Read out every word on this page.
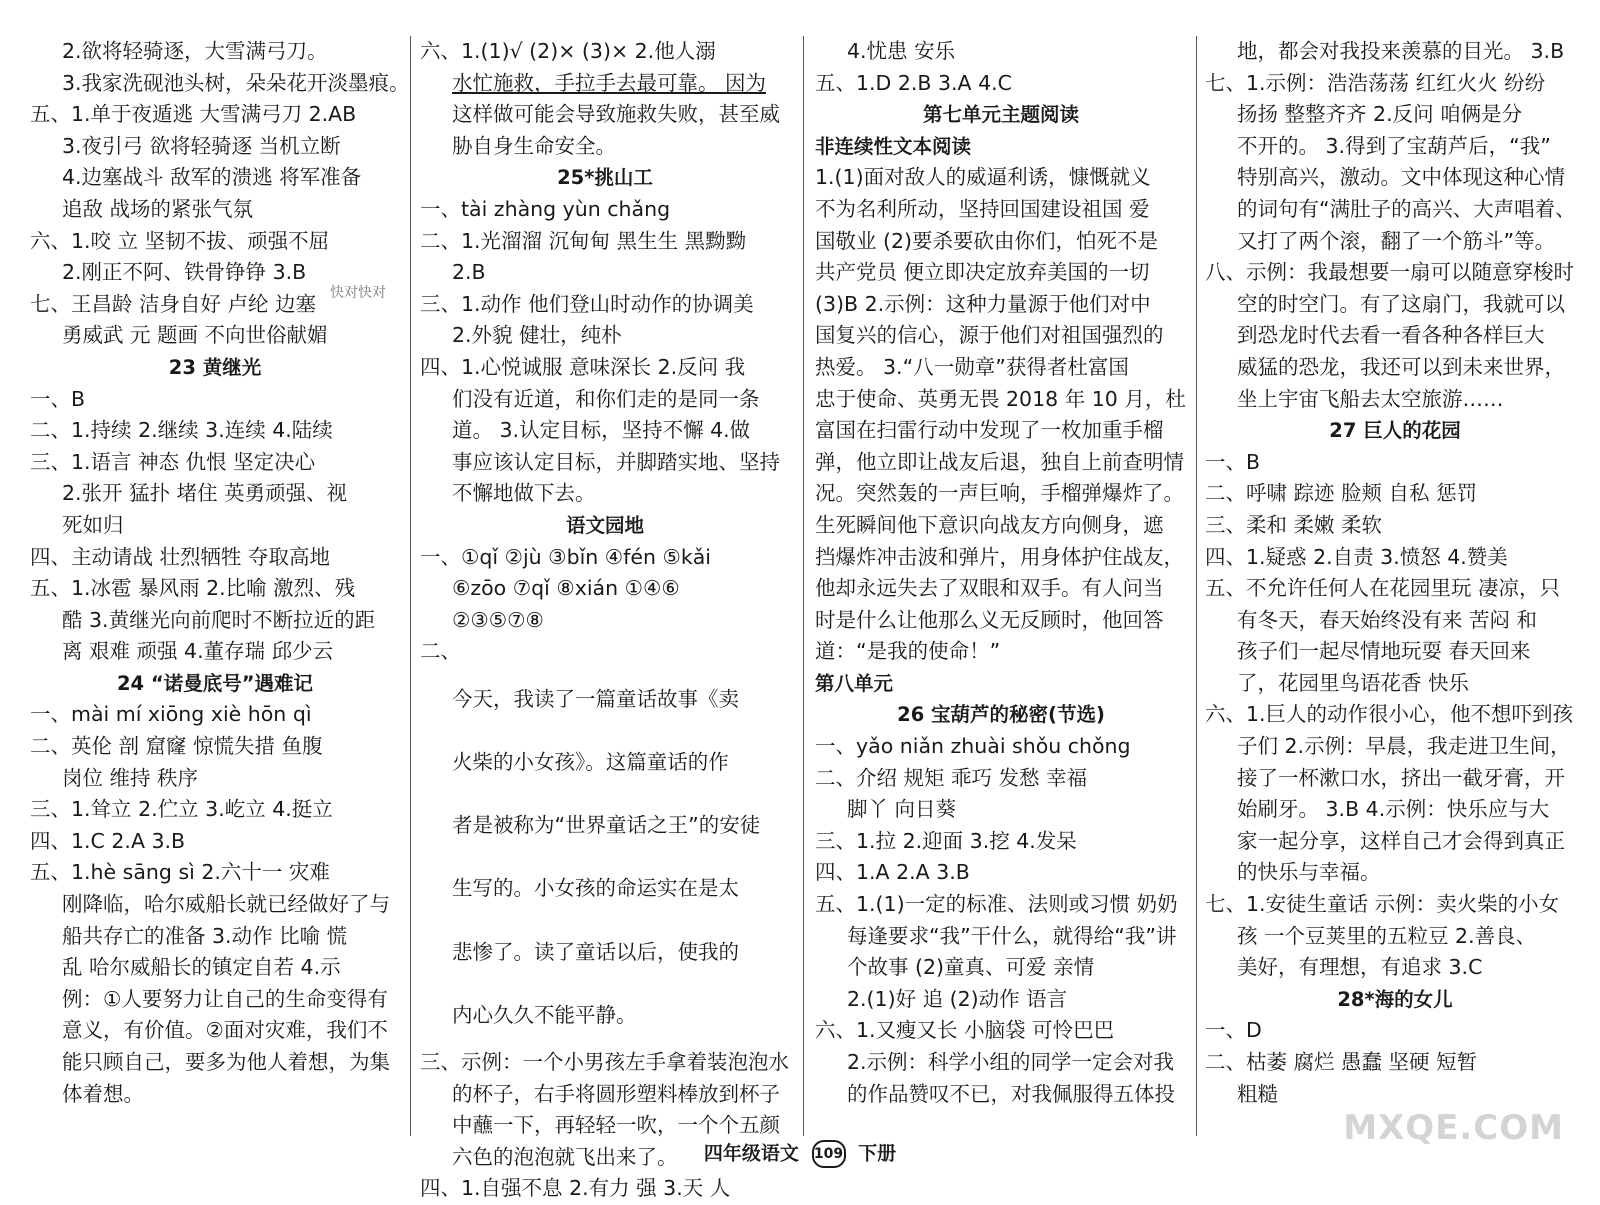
2.欲将轻骑逐，大雪满弓刀。
3.我家洗砚池头树，朵朵花开淡墨痕。
五、1.单于夜遁逃 大雪满弓刀 2.AB
3.夜引弓 欲将轻骑逐 当机立断
4.边塞战斗 敌军的溃逃 将军准备
追敌 战场的紧张气氛
六、1.咬 立 坚韧不拔、顽强不屈
2.刚正不阿、铁骨铮铮 3.B
七、王昌龄 洁身自好 卢纶 边塞
勇威武 元 题画 不向世俗献媚
23 黄继光
一、B
二、1.持续 2.继续 3.连续 4.陆续
三、1.语言 神态 仇恨 坚定决心
2.张开 猛扑 堵住 英勇顽强、视
死如归
四、主动请战 壮烈牺牲 夺取高地
五、1.冰雹 暴风雨 2.比喻 激烈、残
酷 3.黄继光向前爬时不断拉近的距
离 艰难 顽强 4.董存瑞 邱少云
24 “诺曼底号”遇难记
一、mài mí xiōng xiè hōn qì
二、英伦 剖 窟窿 惊慌失措 鱼腹
岗位 维持 秩序
三、1.耸立 2.伫立 3.屹立 4.挺立
四、1.C 2.A 3.B
五、1.hè sāng sì 2.六十一 灾难
刚降临，哈尔威船长就已经做好了与
船共存亡的准备 3.动作 比喻 慌
乱 哈尔威船长的镇定自若 4.示
例：①人要努力让自己的生命变得有
意义，有价值。②面对灾难，我们不
能只顾自己，要多为他人着想，为集
体着想。
快对快对
六、1.(1)√ (2)× (3)× 2.他人溺
水忙施救，手拉手去最可靠。 因为
这样做可能会导致施救失败，甚至威
胁自身生命安全。
25*挑山工
一、tài zhàng yùn chǎng
二、1.光溜溜 沉甸甸 黑生生 黑黝黝
2.B
三、1.动作 他们登山时动作的协调美
2.外貌 健壮，纯朴
四、1.心悦诚服 意味深长 2.反问 我
们没有近道，和你们走的是同一条
道。 3.认定目标，坚持不懈 4.做
事应该认定目标，并脚踏实地、坚持
不懈地做下去。
语文园地
一、①qǐ ②jù ③bǐn ④fén ⑤kǎi
⑥zōo ⑦qǐ ⑧xián ①④⑥
②③⑤⑦⑧
二、
今天，我读了一篇童话故事《卖
火柴的小女孩》。这篇童话的作
者是被称为“世界童话之王”的安徒
生写的。小女孩的命运实在是太
悲惨了。读了童话以后，使我的
内心久久不能平静。
三、示例：一个小男孩左手拿着装泡泡水
的杯子，右手将圆形塑料棒放到杯子
中蘸一下，再轻轻一吹，一个个五颜
六色的泡泡就飞出来了。
四、1.自强不息 2.有力 强 3.天 人
4.忧患 安乐
五、1.D 2.B 3.A 4.C
第七单元主题阅读
非连续性文本阅读
1.(1)面对敌人的威逼利诱，慷慨就义
不为名利所动，坚持回国建设祖国 爱
国敬业 (2)要杀要砍由你们，怕死不是
共产党员 便立即决定放弃美国的一切
(3)B 2.示例：这种力量源于他们对中
国复兴的信心，源于他们对祖国强烈的
热爱。 3.“八一勋章”获得者杜富国
忠于使命、英勇无畏 2018 年 10 月，杜
富国在扫雷行动中发现了一枚加重手榴
弹，他立即让战友后退，独自上前查明情
况。突然轰的一声巨响，手榴弹爆炸了。
生死瞬间他下意识向战友方向侧身，遮
挡爆炸冲击波和弹片，用身体护住战友，
他却永远失去了双眼和双手。有人问当
时是什么让他那么义无反顾时，他回答
道：“是我的使命！”
第八单元
26 宝葫芦的秘密(节选)
一、yǎo niǎn zhuài shǒu chǒng
二、介绍 规矩 乖巧 发愁 幸福
脚丫 向日葵
三、1.拉 2.迎面 3.挖 4.发呆
四、1.A 2.A 3.B
五、1.(1)一定的标准、法则或习惯 奶奶
每逢要求“我”干什么，就得给“我”讲
个故事 (2)童真、可爱 亲情
2.(1)好 追 (2)动作 语言
六、1.又瘦又长 小脑袋 可怜巴巴
2.示例：科学小组的同学一定会对我
的作品赞叹不已，对我佩服得五体投
地，都会对我投来羡慕的目光。 3.B
七、1.示例：浩浩荡荡 红红火火 纷纷
扬扬 整整齐齐 2.反问 咱俩是分
不开的。 3.得到了宝葫芦后，“我”
特别高兴，激动。文中体现这种心情
的词句有“满肚子的高兴、大声唱着、
又打了两个滚，翻了一个筋斗”等。
八、示例：我最想要一扇可以随意穿梭时
空的时空门。有了这扇门，我就可以
到恐龙时代去看一看各种各样巨大
威猛的恐龙，我还可以到未来世界，
坐上宇宙飞船去太空旅游……
27 巨人的花园
一、B
二、呼啸 踪迹 脸颊 自私 惩罚
三、柔和 柔嫩 柔软
四、1.疑惑 2.自责 3.愤怒 4.赞美
五、不允许任何人在花园里玩 凄凉，只
有冬天，春天始终没有来 苦闷 和
孩子们一起尽情地玩耍 春天回来
了，花园里鸟语花香 快乐
六、1.巨人的动作很小心，他不想吓到孩
子们 2.示例：早晨，我走进卫生间，
接了一杯漱口水，挤出一截牙膏，开
始刷牙。 3.B 4.示例：快乐应与大
家一起分享，这样自己才会得到真正
的快乐与幸福。
七、1.安徒生童话 示例：卖火柴的小女
孩 一个豆荚里的五粒豆 2.善良、
美好，有理想，有追求 3.C
28*海的女儿
一、D
二、枯萎 腐烂 愚蠢 坚硬 短暂
粗糙
四年级语文 109 下册
MXQE.COM
